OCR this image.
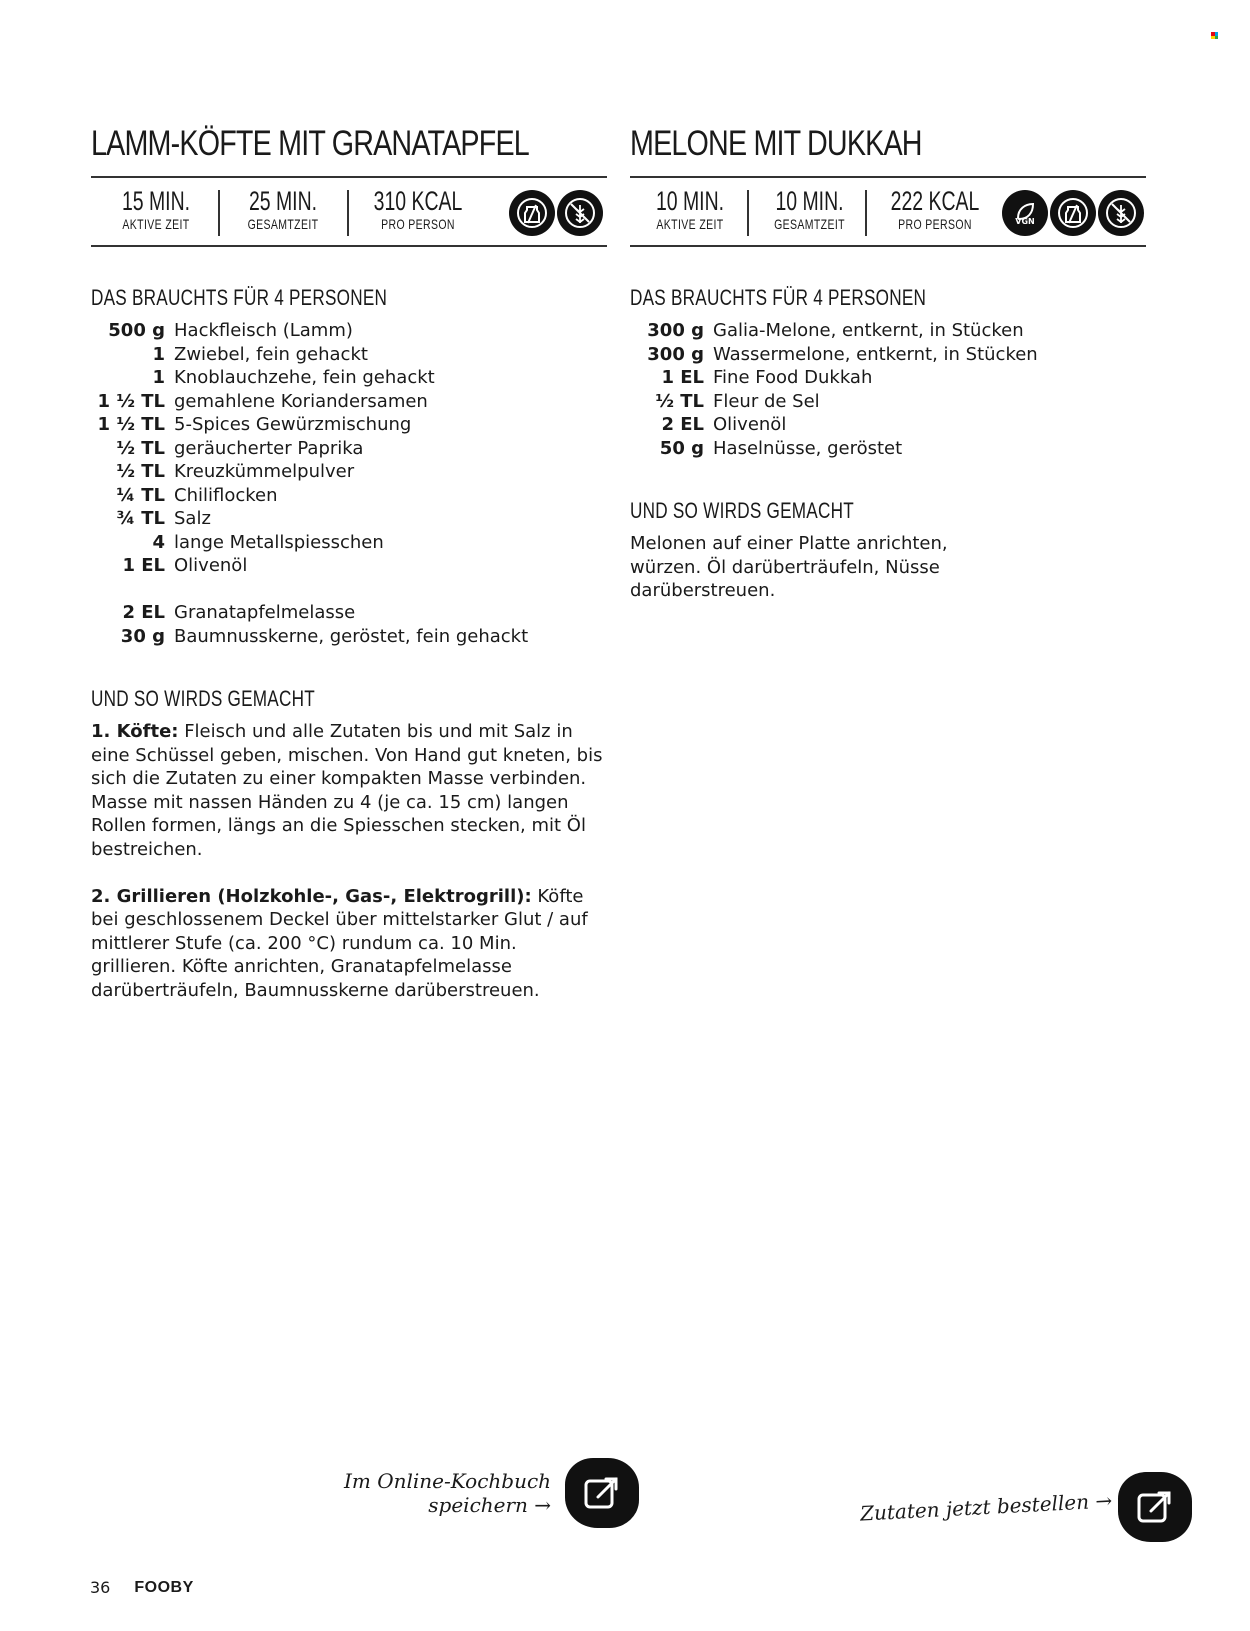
LAMM-KÖFTE MIT GRANATAPFEL
15 MIN.
AKTIVE ZEIT
25 MIN.
GESAMTZEIT
310 KCAL
PRO PERSON
DAS BRAUCHTS FÜR 4 PERSONEN
500 g Hackfleisch (Lamm)
1 Zwiebel, fein gehackt
1 Knoblauchzehe, fein gehackt
1 ½ TL gemahlene Koriandersamen
1 ½ TL 5-Spices Gewürzmischung
½ TL geräucherter Paprika
½ TL Kreuzkümmelpulver
¼ TL Chiliflocken
¾ TL Salz
4 lange Metallspiesschen
1 EL Olivenöl
2 EL Granatapfelmelasse
30 g Baumnusskerne, geröstet, fein gehackt
UND SO WIRDS GEMACHT

1. Köfte: Fleisch und alle Zutaten bis und mit Salz in eine Schüssel geben, mischen. Von Hand gut kneten, bis sich die Zutaten zu einer kompakten Masse verbinden. Masse mit nassen Händen zu 4 (je ca. 15 cm) langen Rollen formen, längs an die Spiesschen stecken, mit Öl bestreichen.

2. Grillieren (Holzkohle-, Gas-, Elektrogrill): Köfte bei geschlossenem Deckel über mittelstarker Glut / auf mittlerer Stufe (ca. 200 °C) rundum ca. 10 Min. grillieren. Köfte anrichten, Granatapfelmelasse darüberträufeln, Baumnusskerne darüberstreuen.

MELONE MIT DUKKAH
10 MIN.
AKTIVE ZEIT
10 MIN.
GESAMTZEIT
222 KCAL
PRO PERSON	VGN
DAS BRAUCHTS FÜR 4 PERSONEN
300 g Galia-Melone, entkernt, in Stücken
300 g Wassermelone, entkernt, in Stücken
1 EL Fine Food Dukkah
½ TL Fleur de Sel
2 EL Olivenöl
50 g Haselnüsse, geröstet
UND SO WIRDS GEMACHT

Melonen auf einer Platte anrichten, würzen. Öl darüberträufeln, Nüsse darüberstreuen.

Im Online-Kochbuch
speichern →	Zutaten jetzt bestellen →
36 FOOBY
